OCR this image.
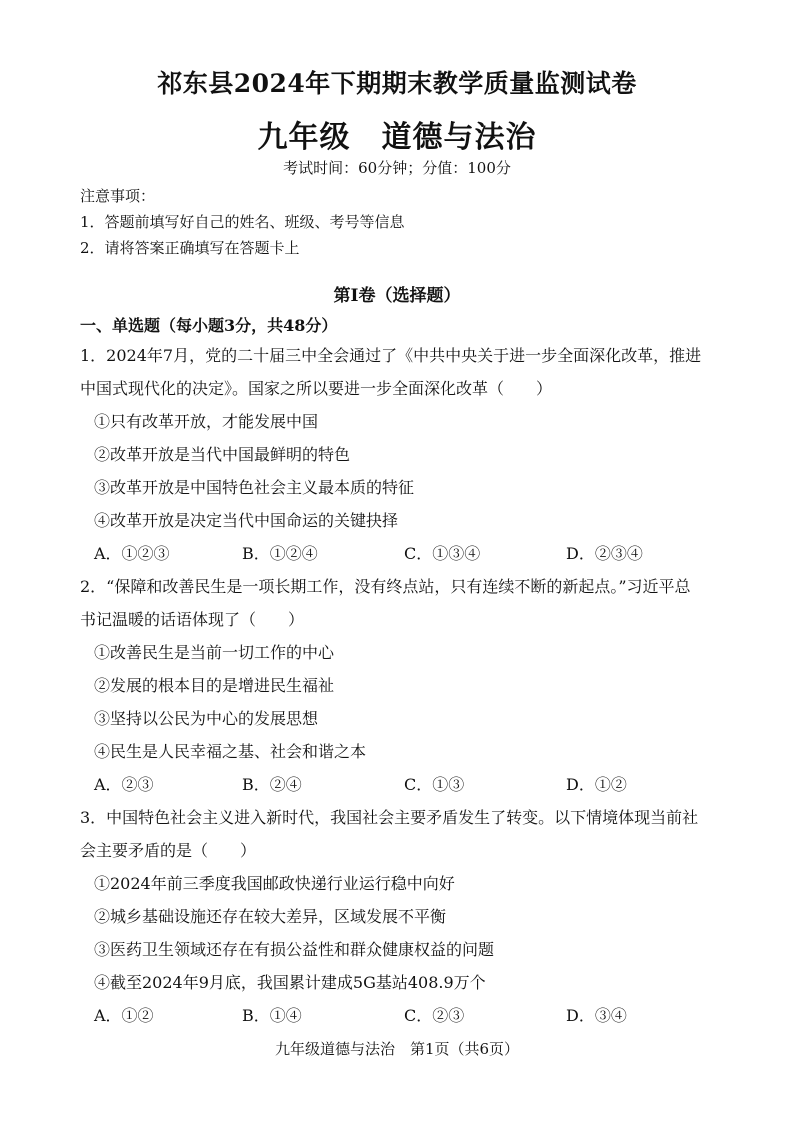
祁东县2024年下期期末教学质量监测试卷
九年级　道德与法治
考试时间：60分钟；分值：100分
注意事项：
1．答题前填写好自己的姓名、班级、考号等信息
2．请将答案正确填写在答题卡上
第Ⅰ卷（选择题）
一、单选题（每小题3分，共48分）
1．2024年7月，党的二十届三中全会通过了《中共中央关于进一步全面深化改革，推进
中国式现代化的决定》。国家之所以要进一步全面深化改革（　　）
①只有改革开放，才能发展中国
②改革开放是当代中国最鲜明的特色
③改革开放是中国特色社会主义最本质的特征
④改革开放是决定当代中国命运的关键抉择
A．①②③	B．①②④	C．①③④	D．②③④
2．“保障和改善民生是一项长期工作，没有终点站，只有连续不断的新起点。”习近平总
书记温暖的话语体现了（　　）
①改善民生是当前一切工作的中心
②发展的根本目的是增进民生福祉
③坚持以公民为中心的发展思想
④民生是人民幸福之基、社会和谐之本
A．②③	B．②④	C．①③	D．①②
3．中国特色社会主义进入新时代，我国社会主要矛盾发生了转变。以下情境体现当前社
会主要矛盾的是（　　）
①2024年前三季度我国邮政快递行业运行稳中向好
②城乡基础设施还存在较大差异，区域发展不平衡
③医药卫生领域还存在有损公益性和群众健康权益的问题
④截至2024年9月底，我国累计建成5G基站408.9万个
A．①②	B．①④	C．②③	D．③④
九年级道德与法治　第1页（共6页）
